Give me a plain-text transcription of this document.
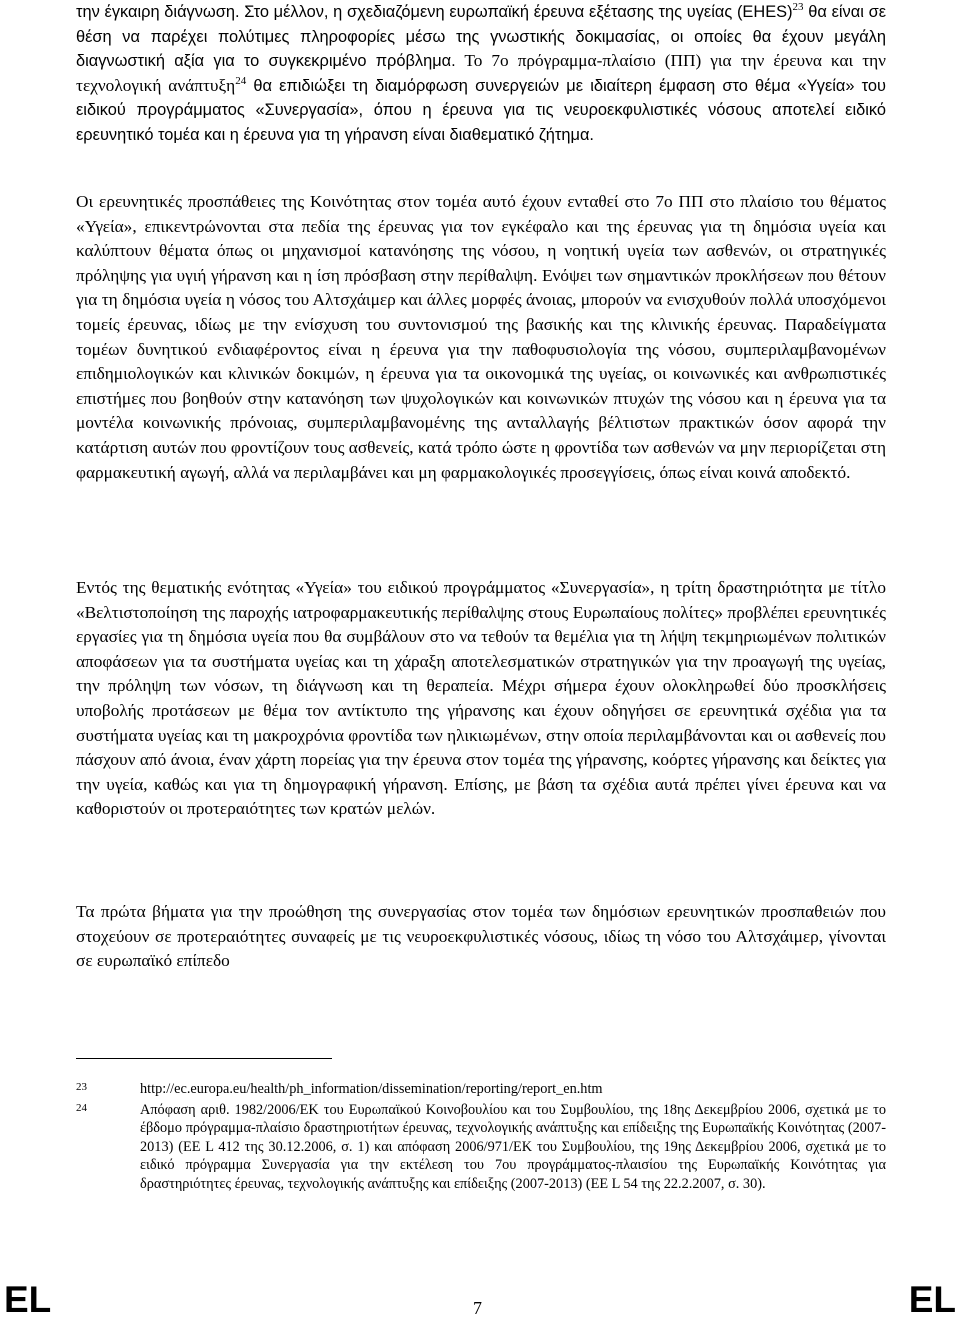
την έγκαιρη διάγνωση. Στο μέλλον, η σχεδιαζόμενη ευρωπαϊκή έρευνα εξέτασης της υγείας (EHES)$^{23}$ θα είναι σε θέση να παρέχει πολύτιμες πληροφορίες μέσω της γνωστικής δοκιμασίας, οι οποίες θα έχουν μεγάλη διαγνωστική αξία για το συγκεκριμένο πρόβλημα. Το 7ο πρόγραμμα-πλαίσιο (ΠΠ) για την έρευνα και την τεχνολογική ανάπτυξη$^{24}$ θα επιδιώξει τη διαμόρφωση συνεργειών με ιδιαίτερη έμφαση στο θέμα «Υγεία» του ειδικού προγράμματος «Συνεργασία», όπου η έρευνα για τις νευροεκφυλιστικές νόσους αποτελεί ειδικό ερευνητικό τομέα και η έρευνα για τη γήρανση είναι διαθεματικό ζήτημα.

Οι ερευνητικές προσπάθειες της Κοινότητας στον τομέα αυτό έχουν ενταθεί στο 7ο ΠΠ στο πλαίσιο του θέματος «Υγεία», επικεντρώνονται στα πεδία της έρευνας για τον εγκέφαλο και της έρευνας για τη δημόσια υγεία και καλύπτουν θέματα όπως οι μηχανισμοί κατανόησης της νόσου, η νοητική υγεία των ασθενών, οι στρατηγικές πρόληψης για υγιή γήρανση και η ίση πρόσβαση στην περίθαλψη. Ενόψει των σημαντικών προκλήσεων που θέτουν για τη δημόσια υγεία η νόσος του Αλτσχάιμερ και άλλες μορφές άνοιας, μπορούν να ενισχυθούν πολλά υποσχόμενοι τομείς έρευνας, ιδίως με την ενίσχυση του συντονισμού της βασικής και της κλινικής έρευνας. Παραδείγματα τομέων δυνητικού ενδιαφέροντος είναι η έρευνα για την παθοφυσιολογία της νόσου, συμπεριλαμβανομένων επιδημιολογικών και κλινικών δοκιμών, η έρευνα για τα οικονομικά της υγείας, οι κοινωνικές και ανθρωπιστικές επιστήμες που βοηθούν στην κατανόηση των ψυχολογικών και κοινωνικών πτυχών της νόσου και η έρευνα για τα μοντέλα κοινωνικής πρόνοιας, συμπεριλαμβανομένης της ανταλλαγής βέλτιστων πρακτικών όσον αφορά την κατάρτιση αυτών που φροντίζουν τους ασθενείς, κατά τρόπο ώστε η φροντίδα των ασθενών να μην περιορίζεται στη φαρμακευτική αγωγή, αλλά να περιλαμβάνει και μη φαρμακολογικές προσεγγίσεις, όπως είναι κοινά αποδεκτό.

Εντός της θεματικής ενότητας «Υγεία» του ειδικού προγράμματος «Συνεργασία», η τρίτη δραστηριότητα με τίτλο «Βελτιστοποίηση της παροχής ιατροφαρμακευτικής περίθαλψης στους Ευρωπαίους πολίτες» προβλέπει ερευνητικές εργασίες για τη δημόσια υγεία που θα συμβάλουν στο να τεθούν τα θεμέλια για τη λήψη τεκμηριωμένων πολιτικών αποφάσεων για τα συστήματα υγείας και τη χάραξη αποτελεσματικών στρατηγικών για την προαγωγή της υγείας, την πρόληψη των νόσων, τη διάγνωση και τη θεραπεία. Μέχρι σήμερα έχουν ολοκληρωθεί δύο προσκλήσεις υποβολής προτάσεων με θέμα τον αντίκτυπο της γήρανσης και έχουν οδηγήσει σε ερευνητικά σχέδια για τα συστήματα υγείας και τη μακροχρόνια φροντίδα των ηλικιωμένων, στην οποία περιλαμβάνονται και οι ασθενείς που πάσχουν από άνοια, έναν χάρτη πορείας για την έρευνα στον τομέα της γήρανσης, κοόρτες γήρανσης και δείκτες για την υγεία, καθώς και για τη δημογραφική γήρανση. Επίσης, με βάση τα σχέδια αυτά πρέπει γίνει έρευνα και να καθοριστούν οι προτεραιότητες των κρατών μελών.

Τα πρώτα βήματα για την προώθηση της συνεργασίας στον τομέα των δημόσιων ερευνητικών προσπαθειών που στοχεύουν σε προτεραιότητες συναφείς με τις νευροεκφυλιστικές νόσους, ιδίως τη νόσο του Αλτσχάιμερ, γίνονται σε ευρωπαϊκό επίπεδο

23	http://ec.europa.eu/health/ph_information/dissemination/reporting/report_en.htm
24	Απόφαση αριθ. 1982/2006/ΕΚ του Ευρωπαϊκού Κοινοβουλίου και του Συμβουλίου, της 18ης Δεκεμβρίου 2006, σχετικά με το έβδομο πρόγραμμα-πλαίσιο δραστηριοτήτων έρευνας, τεχνολογικής ανάπτυξης και επίδειξης της Ευρωπαϊκής Κοινότητας (2007-2013) (ΕΕ L 412 της 30.12.2006, σ. 1) και απόφαση 2006/971/ΕΚ του Συμβουλίου, της 19ης Δεκεμβρίου 2006, σχετικά με το ειδικό πρόγραμμα Συνεργασία για την εκτέλεση του 7ου προγράμματος-πλαισίου της Ευρωπαϊκής Κοινότητας για δραστηριότητες έρευνας, τεχνολογικής ανάπτυξης και επίδειξης (2007-2013) (ΕΕ L 54 της 22.2.2007, σ. 30).
EL	7	EL
